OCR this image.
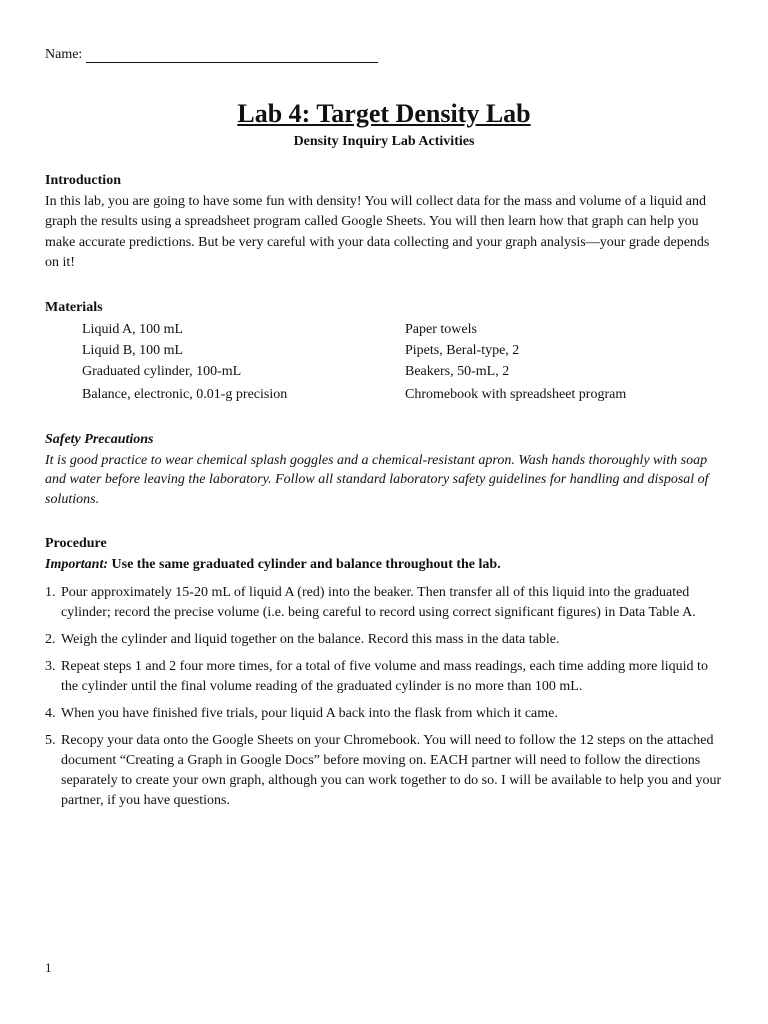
Name:
Lab 4: Target Density Lab
Density Inquiry Lab Activities
Introduction
In this lab, you are going to have some fun with density! You will collect data for the mass and volume of a liquid and graph the results using a spreadsheet program called Google Sheets. You will then learn how that graph can help you make accurate predictions. But be very careful with your data collecting and your graph analysis—your grade depends on it!
Materials
Liquid A, 100 mL	Paper towels
Liquid B, 100 mL	Pipets, Beral-type, 2
Graduated cylinder, 100-mL	Beakers, 50-mL, 2
Balance, electronic, 0.01-g precision	Chromebook with spreadsheet program
Safety Precautions
It is good practice to wear chemical splash goggles and a chemical-resistant apron. Wash hands thoroughly with soap and water before leaving the laboratory. Follow all standard laboratory safety guidelines for handling and disposal of solutions.
Procedure
Important: Use the same graduated cylinder and balance throughout the lab.
1. Pour approximately 15-20 mL of liquid A (red) into the beaker. Then transfer all of this liquid into the graduated cylinder; record the precise volume (i.e. being careful to record using correct significant figures) in Data Table A.
2. Weigh the cylinder and liquid together on the balance. Record this mass in the data table.
3. Repeat steps 1 and 2 four more times, for a total of five volume and mass readings, each time adding more liquid to the cylinder until the final volume reading of the graduated cylinder is no more than 100 mL.
4. When you have finished five trials, pour liquid A back into the flask from which it came.
5. Recopy your data onto the Google Sheets on your Chromebook. You will need to follow the 12 steps on the attached document “Creating a Graph in Google Docs” before moving on. EACH partner will need to follow the directions separately to create your own graph, although you can work together to do so. I will be available to help you and your partner, if you have questions.
1
